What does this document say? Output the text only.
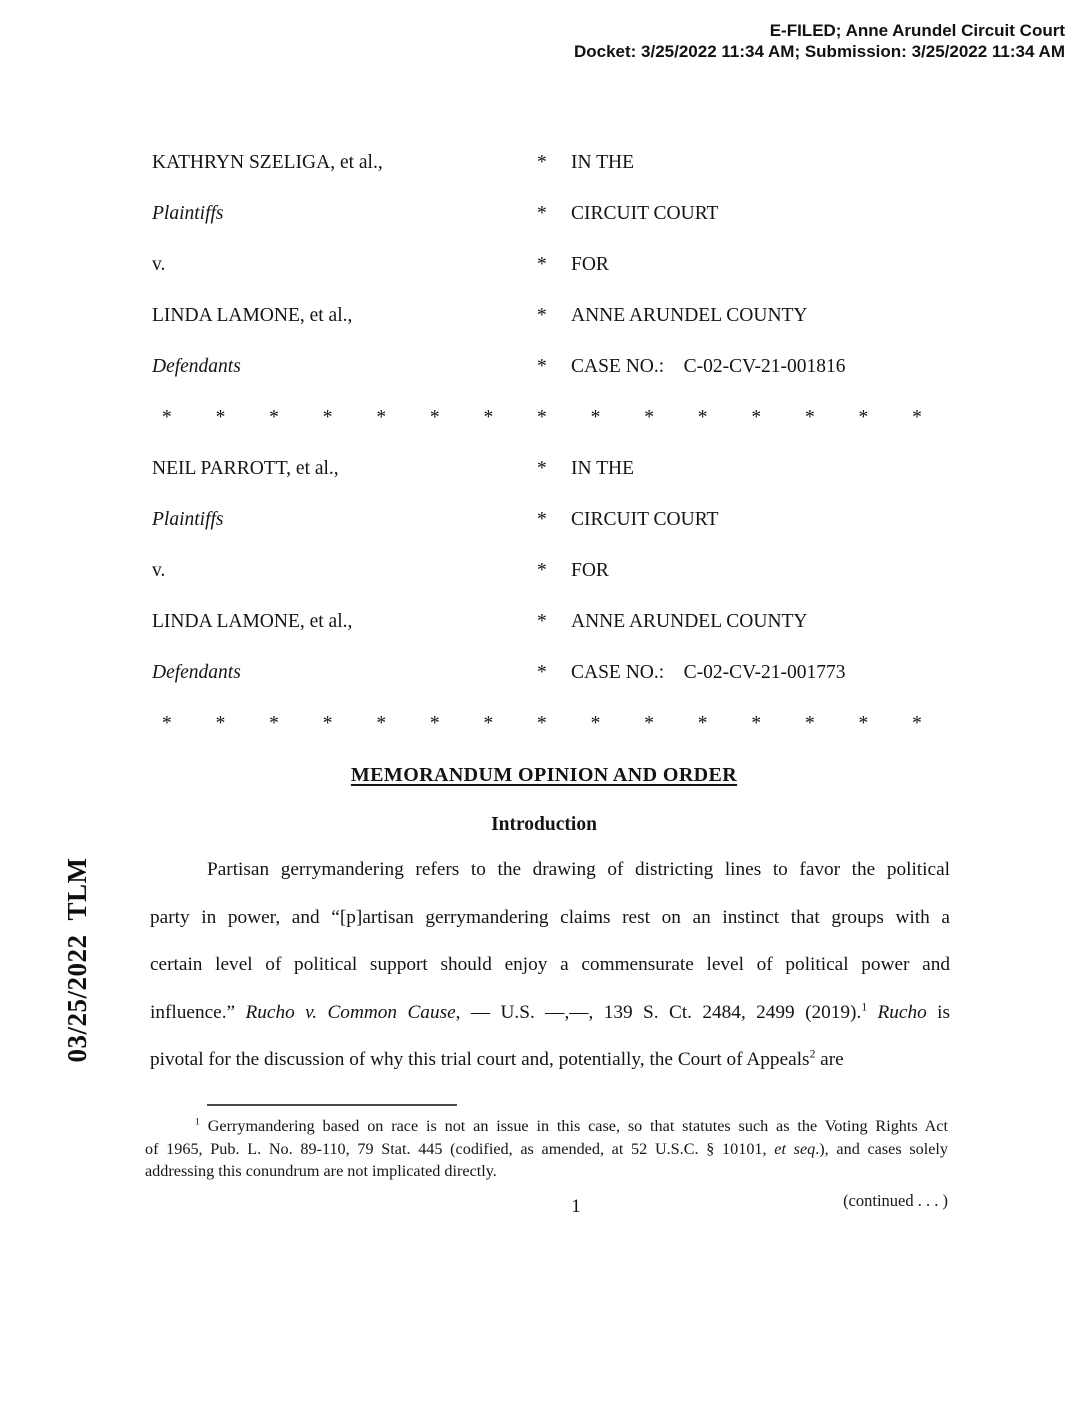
E-FILED; Anne Arundel Circuit Court
Docket: 3/25/2022 11:34 AM; Submission: 3/25/2022 11:34 AM
03/25/2022  TLM
KATHRYN SZELIGA, et al.,	*	IN THE
Plaintiffs	*	CIRCUIT COURT
v.	*	FOR
LINDA LAMONE, et al.,	*	ANNE ARUNDEL COUNTY
Defendants	*	CASE NO.:    C-02-CV-21-001816
* * * * * * * * * * * * * * *
NEIL PARROTT, et al.,	*	IN THE
Plaintiffs	*	CIRCUIT COURT
v.	*	FOR
LINDA LAMONE, et al.,	*	ANNE ARUNDEL COUNTY
Defendants	*	CASE NO.:    C-02-CV-21-001773
* * * * * * * * * * * * * * *
MEMORANDUM OPINION AND ORDER
Introduction
Partisan gerrymandering refers to the drawing of districting lines to favor the political
party in power, and “[p]artisan gerrymandering claims rest on an instinct that groups with a
certain level of political support should enjoy a commensurate level of political power and
influence.” Rucho v. Common Cause, — U.S. —,—, 139 S. Ct. 2484, 2499 (2019).$^1$ Rucho is
pivotal for the discussion of why this trial court and, potentially, the Court of Appeals$^2$ are
$^1$ Gerrymandering based on race is not an issue in this case, so that statutes such as the Voting Rights Act
of 1965, Pub. L. No. 89-110, 79 Stat. 445 (codified, as amended, at 52 U.S.C. § 10101, et seq.), and cases solely
addressing this conundrum are not implicated directly.
(continued . . . )
1
